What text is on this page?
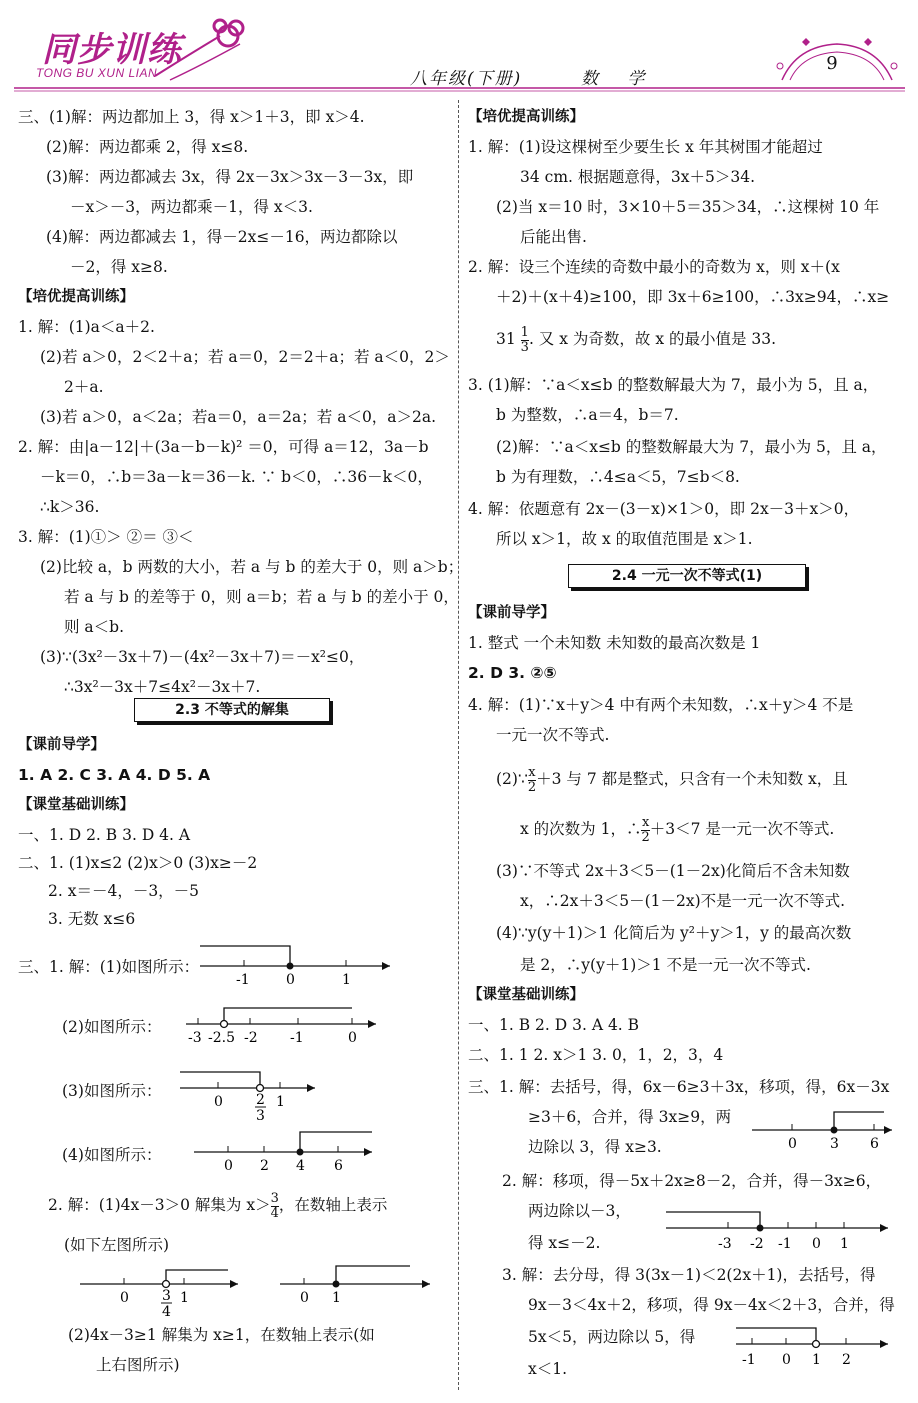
同步训练
TONG BU XUN LIAN	八年级(下册)	数 学
9
三、(1)解：两边都加上 3，得 x＞1＋3，即 x＞4.
(2)解：两边都乘 2，得 x≤8.
(3)解：两边都减去 3x，得 2x－3x＞3x－3－3x，即
－x＞－3，两边都乘－1，得 x＜3.
(4)解：两边都减去 1，得－2x≤－16，两边都除以
－2，得 x≥8.
【培优提高训练】
1. 解：(1)a＜a＋2.
(2)若 a＞0，2＜2＋a；若 a＝0，2＝2＋a；若 a＜0，2＞
2＋a.
(3)若 a＞0，a＜2a；若a＝0，a＝2a；若 a＜0，a＞2a.
2. 解：由|a－12|＋(3a－b－k)² ＝0，可得 a＝12，3a－b
－k＝0，∴b＝3a－k＝36－k. ∵ b＜0，∴36－k＜0，
∴k＞36.
3. 解：(1)①＞ ②＝ ③＜
(2)比较 a，b 两数的大小，若 a 与 b 的差大于 0，则 a＞b；
若 a 与 b 的差等于 0，则 a＝b；若 a 与 b 的差小于 0，
则 a＜b.
(3)∵(3x²－3x＋7)－(4x²－3x＋7)＝－x²≤0，
∴3x²－3x＋7≤4x²－3x＋7.
2.3 不等式的解集
【课前导学】
1. A 2. C 3. A 4. D 5. A
【课堂基础训练】
一、1. D 2. B 3. D 4. A
二、1. (1)x≤2 (2)x＞0 (3)x≥－2
2. x＝－4，－3，－5
3. 无数 x≤6
三、1. 解：(1)如图所示：
-1	0	1
(2)如图所示：
-3 -2.5 -2 -1	0
(3)如图所示：
0 2
3
1
(4)如图所示：
0 2 4 6
2. 解：(1)4x－3＞0 解集为 $x> \frac{3}{4}$ ，在数轴上表示
(如下左图所示)
0 3
4
1	0 1
(2)4x－3≥1 解集为 x≥1，在数轴上表示(如
上右图所示)
【培优提高训练】
1. 解：(1)设这棵树至少要生长 x 年其树围才能超过
34 cm. 根据题意得，3x＋5＞34.
(2)当 x＝10 时，3×10＋5＝35＞34，∴这棵树 10 年
后能出售.
2. 解：设三个连续的奇数中最小的奇数为 x，则 x＋(x
＋2)＋(x＋4)≥100，即 3x＋6≥100，∴3x≥94，∴x≥
$31 \frac{1}{3}$ . 又 x 为奇数，故 x 的最小值是 33.
3. (1)解：∵a＜x≤b 的整数解最大为 7，最小为 5，且 a，
b 为整数，∴a＝4，b＝7.
(2)解：∵a＜x≤b 的整数解最大为 7，最小为 5，且 a，
b 为有理数，∴4≤a＜5，7≤b＜8.
4. 解：依题意有 2x－(3－x)×1＞0，即 2x－3＋x＞0，
所以 x＞1，故 x 的取值范围是 x＞1.
2.4 一元一次不等式(1)
【课前导学】
1. 整式 一个未知数 未知数的最高次数是 1
2. D 3. ②⑤
4. 解：(1)∵x＋y＞4 中有两个未知数，∴x＋y＞4 不是
一元一次不等式.
(2)∵ $\frac{x}{2} +3$ 与 7 都是整式，只含有一个未知数 x，且
x 的次数为 1，∴ $\frac{x}{2} +3<7$ 是一元一次不等式.
(3)∵不等式 2x＋3＜5－(1－2x)化简后不含未知数
x，∴2x＋3＜5－(1－2x)不是一元一次不等式.
(4)∵y(y＋1)＞1 化简后为 y²＋y＞1，y 的最高次数
是 2，∴y(y＋1)＞1 不是一元一次不等式.
【课堂基础训练】
一、1. B 2. D 3. A 4. B
二、1. 1 2. x＞1 3. 0，1，2，3，4
三、1. 解：去括号，得，6x－6≥3＋3x，移项，得，6x－3x
≥3＋6，合并，得 3x≥9，两
边除以 3，得 x≥3.	0 3 6
2. 解：移项，得－5x＋2x≥8－2，合并，得－3x≥6，
两边除以－3，
得 x≤－2.	-3 -2 -1 0 1
3. 解：去分母，得 3(3x－1)＜2(2x＋1)，去括号，得
9x－3＜4x＋2，移项，得 9x－4x＜2＋3，合并，得
5x＜5，两边除以 5，得
x＜1.	-1 0 1 2
